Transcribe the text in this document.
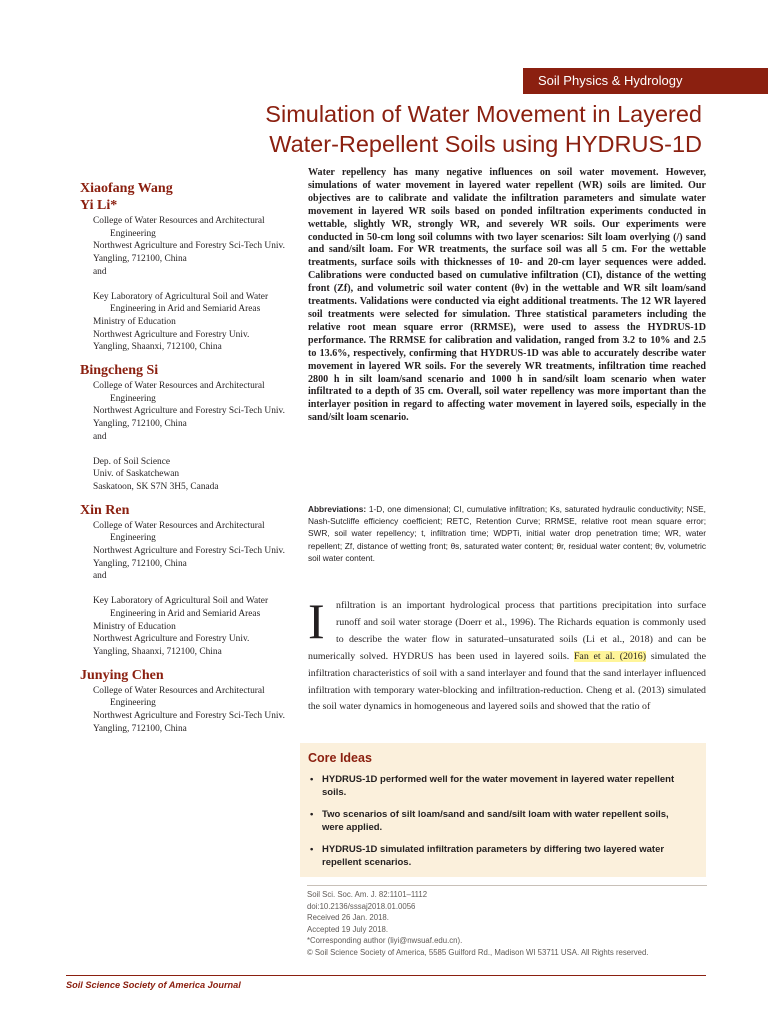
Soil Physics & Hydrology
Simulation of Water Movement in Layered
Water-Repellent Soils using HYDRUS-1D

Xiaofang Wang

Yi Li*

College of Water Resources and Architectural Engineering
Northwest Agriculture and Forestry Sci-Tech Univ.
Yangling, 712100, China
and
Key Laboratory of Agricultural Soil and Water Engineering in Arid and Semiarid Areas
Ministry of Education
Northwest Agriculture and Forestry Univ.
Yangling, Shaanxi, 712100, China

Bingcheng Si

College of Water Resources and Architectural Engineering
Northwest Agriculture and Forestry Sci-Tech Univ.
Yangling, 712100, China
and
Dep. of Soil Science
Univ. of Saskatchewan
Saskatoon, SK S7N 3H5, Canada

Xin Ren

College of Water Resources and Architectural Engineering
Northwest Agriculture and Forestry Sci-Tech Univ.
Yangling, 712100, China
and
Key Laboratory of Agricultural Soil and Water Engineering in Arid and Semiarid Areas
Ministry of Education
Northwest Agriculture and Forestry Univ.
Yangling, Shaanxi, 712100, China

Junying Chen

College of Water Resources and Architectural Engineering
Northwest Agriculture and Forestry Sci-Tech Univ.
Yangling, 712100, China

Water repellency has many negative influences on soil water movement. However, simulations of water movement in layered water repellent (WR) soils are limited. Our objectives are to calibrate and validate the infiltration parameters and simulate water movement in layered WR soils based on ponded infiltration experiments conducted in wettable, slightly WR, strongly WR, and severely WR soils. Our experiments were conducted in 50-cm long soil columns with two layer scenarios: Silt loam overlying (/) sand and sand/silt loam. For WR treatments, the surface soil was all 5 cm. For the wettable treatments, surface soils with thicknesses of 10- and 20-cm layer sequences were added. Calibrations were conducted based on cumulative infiltration (CI), distance of the wetting front (Zf), and volumetric soil water content (θv) in the wettable and WR silt loam/sand treatments. Validations were conducted via eight additional treatments. The 12 WR layered soil treatments were selected for simulation. Three statistical parameters including the relative root mean square error (RRMSE), were used to assess the HYDRUS-1D performance. The RRMSE for calibration and validation, ranged from 3.2 to 10% and 2.5 to 13.6%, respectively, confirming that HYDRUS-1D was able to accurately describe water movement in layered WR soils. For the severely WR treatments, infiltration time reached 2800 h in silt loam/sand scenario and 1000 h in sand/silt loam scenario when water infiltrated to a depth of 35 cm. Overall, soil water repellency was more important than the interlayer position in regard to affecting water movement in layered soils, especially in the sand/silt loam scenario.

Abbreviations: 1-D, one dimensional; CI, cumulative infiltration; Ks, saturated hydraulic conductivity; NSE, Nash-Sutcliffe efficiency coefficient; RETC, Retention Curve; RRMSE, relative root mean square error; SWR, soil water repellency; t, infiltration time; WDPTi, initial water drop penetration time; WR, water repellent; Zf, distance of wetting front; θs, saturated water content; θr, residual water content; θv, volumetric soil water content.

I	nfiltration is an important hydrological process that partitions precipitation into surface runoff and soil water storage (Doerr et al., 1996). The Richards equation is commonly used to describe the water flow in saturated–unsaturated soils (Li et al., 2018) and can be numerically solved. HYDRUS has been used in layered soils. Fan et al. (2016) simulated the infiltration characteristics of soil with a sand interlayer and found that the sand interlayer influenced infiltration with temporary water-blocking and infiltration-reduction. Cheng et al. (2013) simulated the soil water dynamics in homogeneous and layered soils and showed that the ratio of

Core Ideas
• HYDRUS-1D performed well for the water movement in layered water repellent soils.
• Two scenarios of silt loam/sand and sand/silt loam with water repellent soils, were applied.
• HYDRUS-1D simulated infiltration parameters by differing two layered water repellent scenarios.
Soil Sci. Soc. Am. J. 82:1101–1112
doi:10.2136/sssaj2018.01.0056
Received 26 Jan. 2018.
Accepted 19 July 2018.
*Corresponding author (liyi@nwsuaf.edu.cn).
© Soil Science Society of America, 5585 Guilford Rd., Madison WI 53711 USA. All Rights reserved.

Soil Science Society of America Journal
